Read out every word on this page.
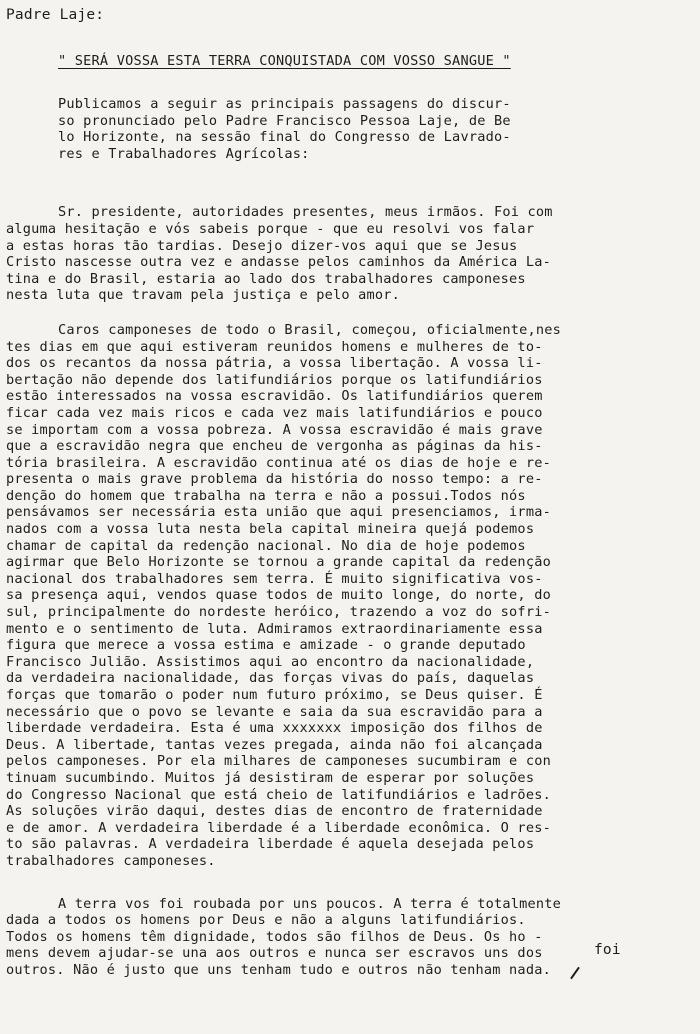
Padre Laje:

" SERÁ VOSSA ESTA TERRA CONQUISTADA COM VOSSO SANGUE "

Publicamos a seguir as principais passagens do discur-
so pronunciado pelo Padre Francisco Pessoa Laje, de Be
lo Horizonte, na sessão final do Congresso de Lavrado-
res e Trabalhadores Agrícolas:
Sr. presidente, autoridades presentes, meus irmãos. Foi com
alguma hesitação e vós sabeis porque - que eu resolvi vos falar
a estas horas tão tardias. Desejo dizer-vos aqui que se Jesus
Cristo nascesse outra vez e andasse pelos caminhos da América La-
tina e do Brasil, estaria ao lado dos trabalhadores camponeses
nesta luta que travam pela justiça e pelo amor.
Caros camponeses de todo o Brasil, começou, oficialmente,nes
tes dias em que aqui estiveram reunidos homens e mulheres de to-
dos os recantos da nossa pátria, a vossa libertação. A vossa li-
bertação não depende dos latifundiários porque os latifundiários
estão interessados na vossa escravidão. Os latifundiários querem
ficar cada vez mais ricos e cada vez mais latifundiários e pouco
se importam com a vossa pobreza. A vossa escravidão é mais grave
que a escravidão negra que encheu de vergonha as páginas da his-
tória brasileira. A escravidão continua até os dias de hoje e re-
presenta o mais grave problema da história do nosso tempo: a re-
denção do homem que trabalha na terra e não a possui.Todos nós
pensávamos ser necessária esta união que aqui presenciamos, irma-
nados com a vossa luta nesta bela capital mineira quejá podemos
chamar de capital da redenção nacional. No dia de hoje podemos
agirmar que Belo Horizonte se tornou a grande capital da redenção
nacional dos trabalhadores sem terra. É muito significativa vos-
sa presença aqui, vendos quase todos de muito longe, do norte, do
sul, principalmente do nordeste heróico, trazendo a voz do sofri-
mento e o sentimento de luta. Admiramos extraordinariamente essa
figura que merece a vossa estima e amizade - o grande deputado
Francisco Julião. Assistimos aqui ao encontro da nacionalidade,
da verdadeira nacionalidade, das forças vivas do país, daquelas
forças que tomarão o poder num futuro próximo, se Deus quiser. É
necessário que o povo se levante e saia da sua escravidão para a
liberdade verdadeira. Esta é uma xxxxxxx imposição dos filhos de
Deus. A libertade, tantas vezes pregada, ainda não foi alcançada
pelos camponeses. Por ela milhares de camponeses sucumbiram e con
tinuam sucumbindo. Muitos já desistiram de esperar por soluções
do Congresso Nacional que está cheio de latifundiários e ladrões.
As soluções virão daqui, destes dias de encontro de fraternidade
e de amor. A verdadeira liberdade é a liberdade econômica. O res-
to são palavras. A verdadeira liberdade é aquela desejada pelos
trabalhadores camponeses.
A terra vos foi roubada por uns poucos. A terra é totalmente
dada a todos os homens por Deus e não a alguns latifundiários.
Todos os homens têm dignidade, todos são filhos de Deus. Os ho -
mens devem ajudar-se una aos outros e nunca ser escravos uns dos
outros. Não é justo que uns tenham tudo e outros não tenham nada.
foi
